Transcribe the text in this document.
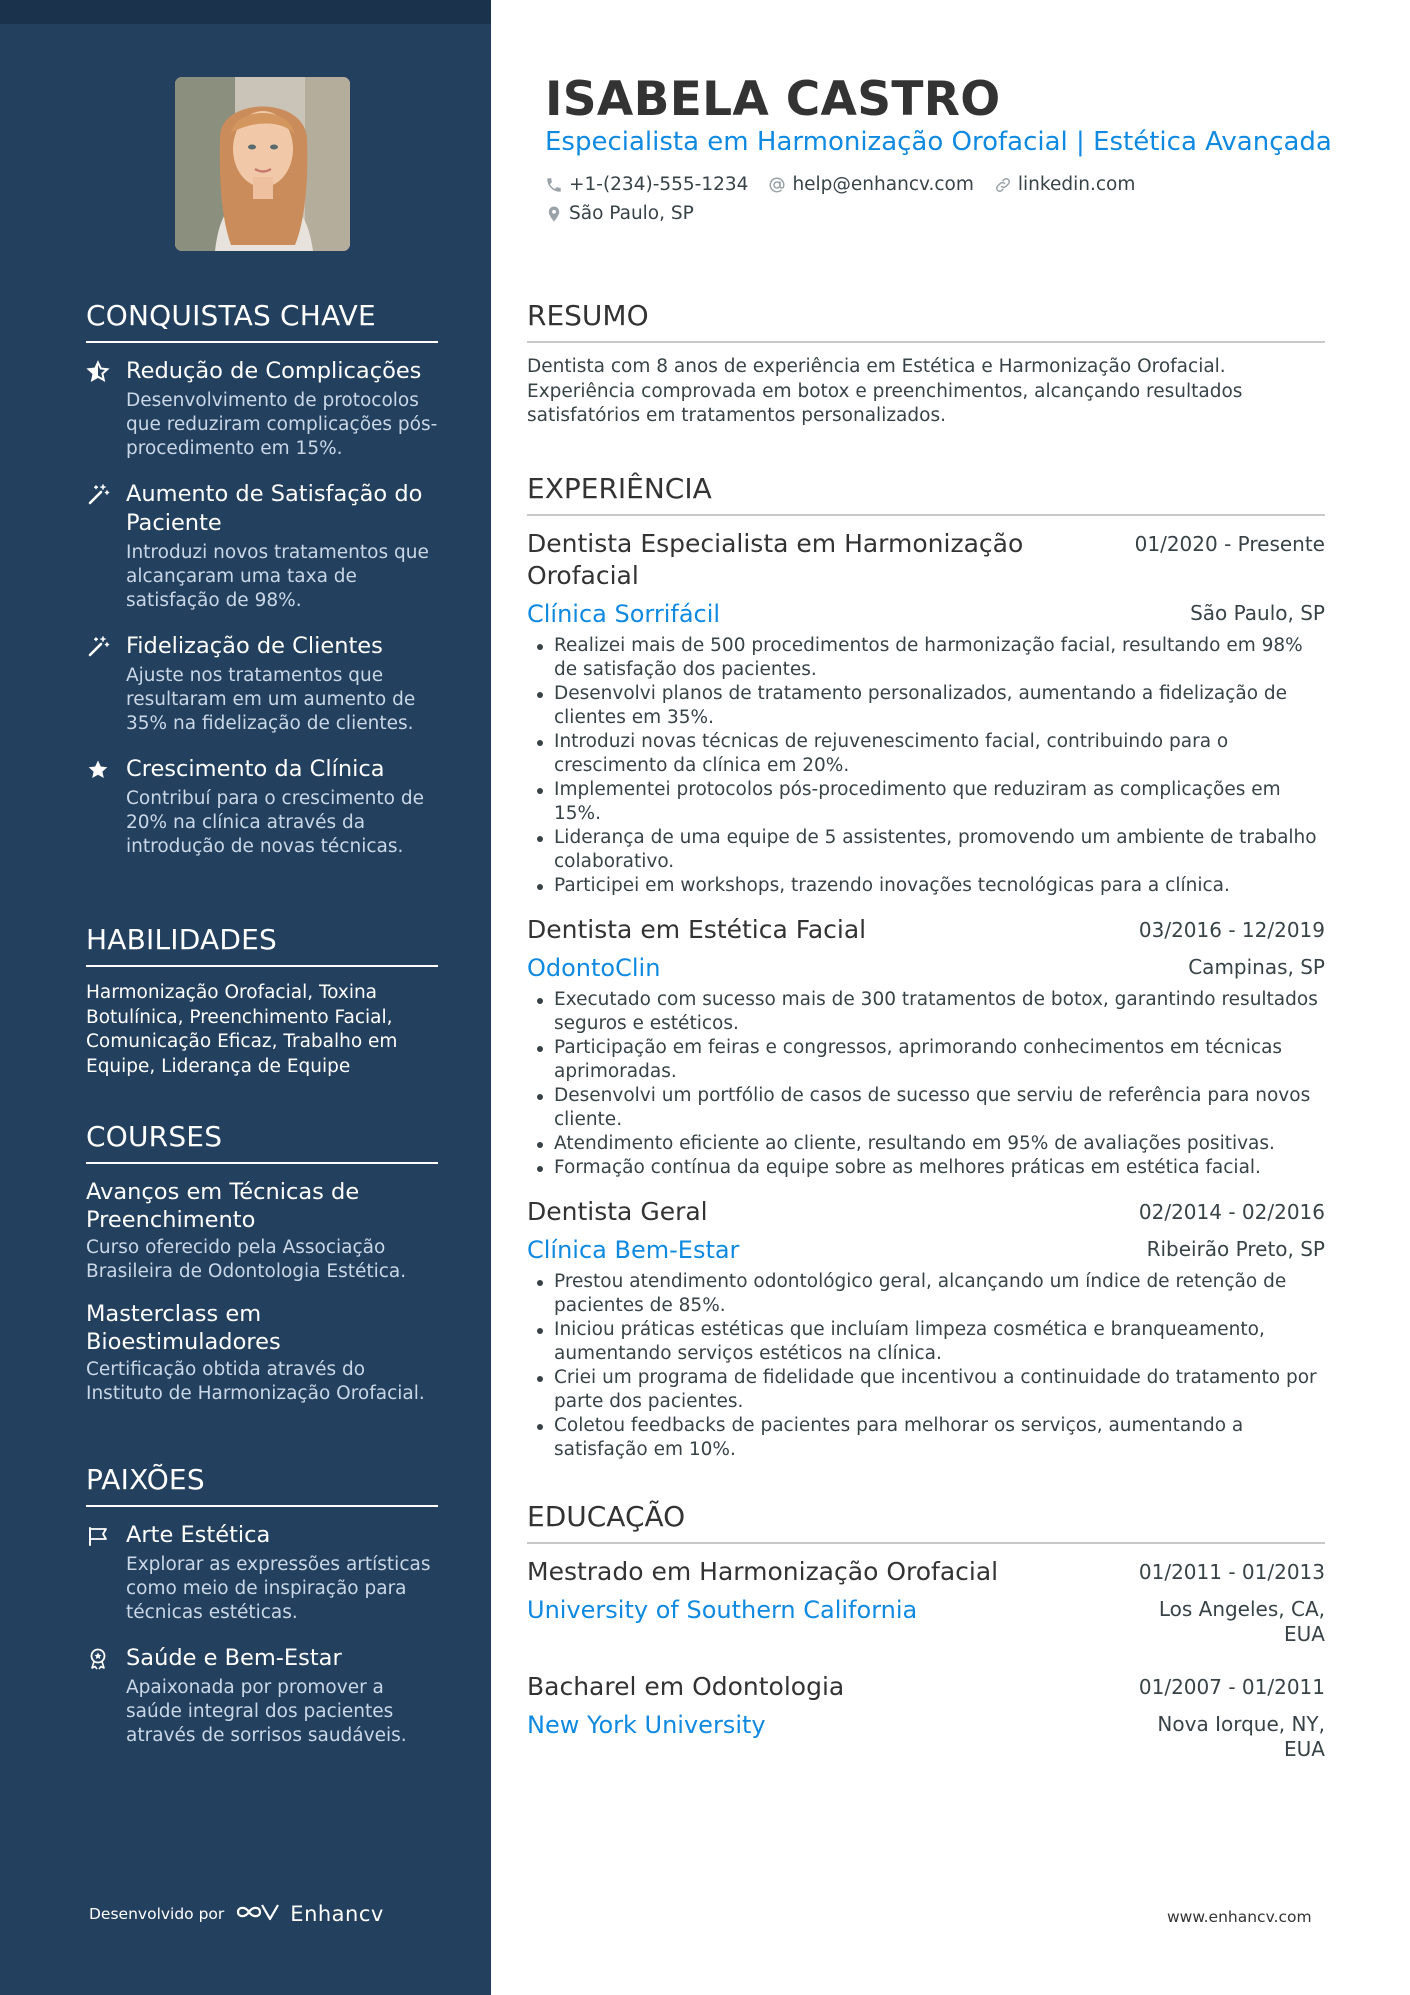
CONQUISTAS CHAVE
Redução de Complicações
Desenvolvimento de protocolos que reduziram complicações pós-procedimento em 15%.
Aumento de Satisfação do Paciente
Introduzi novos tratamentos que alcançaram uma taxa de satisfação de 98%.
Fidelização de Clientes
Ajuste nos tratamentos que resultaram em um aumento de 35% na fidelização de clientes.
Crescimento da Clínica
Contribuí para o crescimento de 20% na clínica através da introdução de novas técnicas.
HABILIDADES
Harmonização Orofacial, Toxina Botulínica, Preenchimento Facial, Comunicação Eficaz, Trabalho em Equipe, Liderança de Equipe
COURSES
Avanços em Técnicas de Preenchimento
Curso oferecido pela Associação Brasileira de Odontologia Estética.
Masterclass em Bioestimuladores
Certificação obtida através do Instituto de Harmonização Orofacial.
PAIXÕES
Arte Estética
Explorar as expressões artísticas como meio de inspiração para técnicas estéticas.
Saúde e Bem-Estar
Apaixonada por promover a saúde integral dos pacientes através de sorrisos saudáveis.
Desenvolvido por	Enhancv
ISABELA CASTRO
Especialista em Harmonização Orofacial | Estética Avançada
+1-(234)-555-1234 help@enhancv.com linkedin.com
São Paulo, SP
RESUMO
Dentista com 8 anos de experiência em Estética e Harmonização Orofacial. Experiência comprovada em botox e preenchimentos, alcançando resultados satisfatórios em tratamentos personalizados.
EXPERIÊNCIA
Dentista Especialista em Harmonização Orofacial
01/2020 - Presente
Clínica Sorrifácil	São Paulo, SP
Realizei mais de 500 procedimentos de harmonização facial, resultando em 98% de satisfação dos pacientes.
Desenvolvi planos de tratamento personalizados, aumentando a fidelização de clientes em 35%.
Introduzi novas técnicas de rejuvenescimento facial, contribuindo para o crescimento da clínica em 20%.
Implementei protocolos pós-procedimento que reduziram as complicações em 15%.
Liderança de uma equipe de 5 assistentes, promovendo um ambiente de trabalho colaborativo.
Participei em workshops, trazendo inovações tecnológicas para a clínica.
Dentista em Estética Facial	03/2016 - 12/2019
OdontoClin	Campinas, SP
Executado com sucesso mais de 300 tratamentos de botox, garantindo resultados seguros e estéticos.
Participação em feiras e congressos, aprimorando conhecimentos em técnicas aprimoradas.
Desenvolvi um portfólio de casos de sucesso que serviu de referência para novos cliente.
Atendimento eficiente ao cliente, resultando em 95% de avaliações positivas.
Formação contínua da equipe sobre as melhores práticas em estética facial.
Dentista Geral	02/2014 - 02/2016
Clínica Bem-Estar	Ribeirão Preto, SP
Prestou atendimento odontológico geral, alcançando um índice de retenção de pacientes de 85%.
Iniciou práticas estéticas que incluíam limpeza cosmética e branqueamento, aumentando serviços estéticos na clínica.
Criei um programa de fidelidade que incentivou a continuidade do tratamento por parte dos pacientes.
Coletou feedbacks de pacientes para melhorar os serviços, aumentando a satisfação em 10%.
EDUCAÇÃO
Mestrado em Harmonização Orofacial	01/2011 - 01/2013
University of Southern California	Los Angeles, CA, EUA
Bacharel em Odontologia	01/2007 - 01/2011
New York University	Nova Iorque, NY, EUA
www.enhancv.com
